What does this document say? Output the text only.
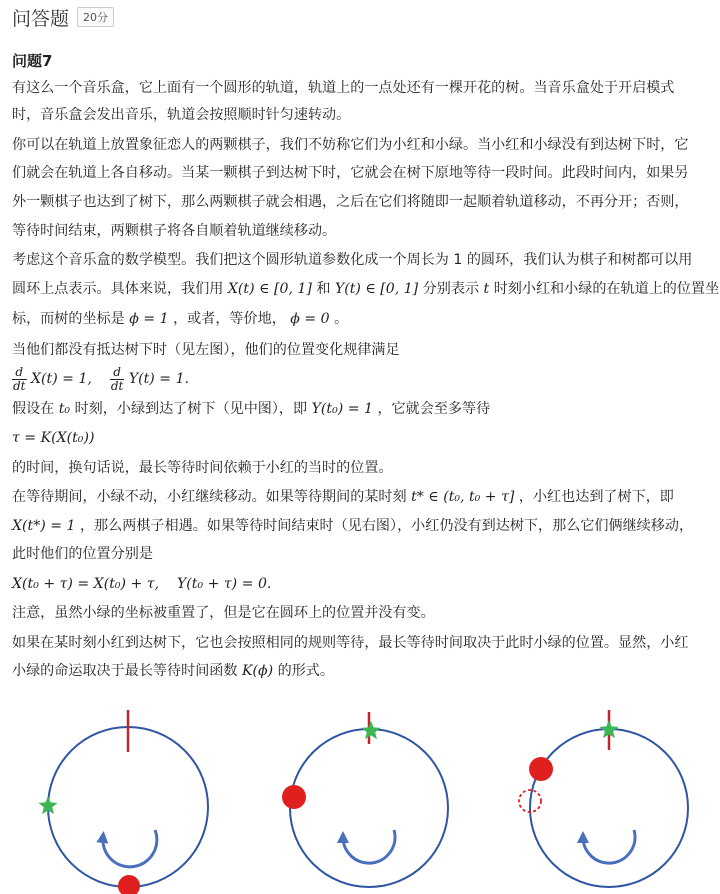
问答题	20分
问题7
有这么一个音乐盒，它上面有一个圆形的轨道，轨道上的一点处还有一棵开花的树。当音乐盒处于开启模式
时，音乐盒会发出音乐，轨道会按照顺时针匀速转动。
你可以在轨道上放置象征恋人的两颗棋子，我们不妨称它们为小红和小绿。当小红和小绿没有到达树下时，它
们就会在轨道上各自移动。当某一颗棋子到达树下时，它就会在树下原地等待一段时间。此段时间内，如果另
外一颗棋子也达到了树下，那么两颗棋子就会相遇，之后在它们将随即一起顺着轨道移动，不再分开；否则，
等待时间结束，两颗棋子将各自顺着轨道继续移动。
考虑这个音乐盒的数学模型。我们把这个圆形轨道参数化成一个周长为 1 的圆环，我们认为棋子和树都可以用
圆环上点表示。具体来说，我们用 X(t) ∈ [0, 1] 和 Y(t) ∈ [0, 1] 分别表示 t 时刻小红和小绿的在轨道上的位置坐
标，而树的坐标是 ϕ = 1 ，或者，等价地， ϕ = 0 。
当他们都没有抵达树下时（见左图），他们的位置变化规律满足
$\frac{d}{dt} X(t) = 1$, $\frac{d}{dt} Y(t) = 1$.
假设在 t₀ 时刻，小绿到达了树下（见中图），即 Y(t₀) = 1 ，它就会至多等待
τ = K(X(t₀))
的时间，换句话说，最长等待时间依赖于小红的当时的位置。
在等待期间，小绿不动，小红继续移动。如果等待期间的某时刻 t* ∈ (t₀, t₀ + τ] ，小红也达到了树下，即
X(t*) = 1 ，那么两棋子相遇。如果等待时间结束时（见右图），小红仍没有到达树下，那么它们俩继续移动，
此时他们的位置分别是
X(t₀ + τ) = X(t₀) + τ,    Y(t₀ + τ) = 0.
注意，虽然小绿的坐标被重置了，但是它在圆环上的位置并没有变。
如果在某时刻小红到达树下，它也会按照相同的规则等待，最长等待时间取决于此时小绿的位置。显然，小红
小绿的命运取决于最长等待时间函数 K(ϕ) 的形式。
